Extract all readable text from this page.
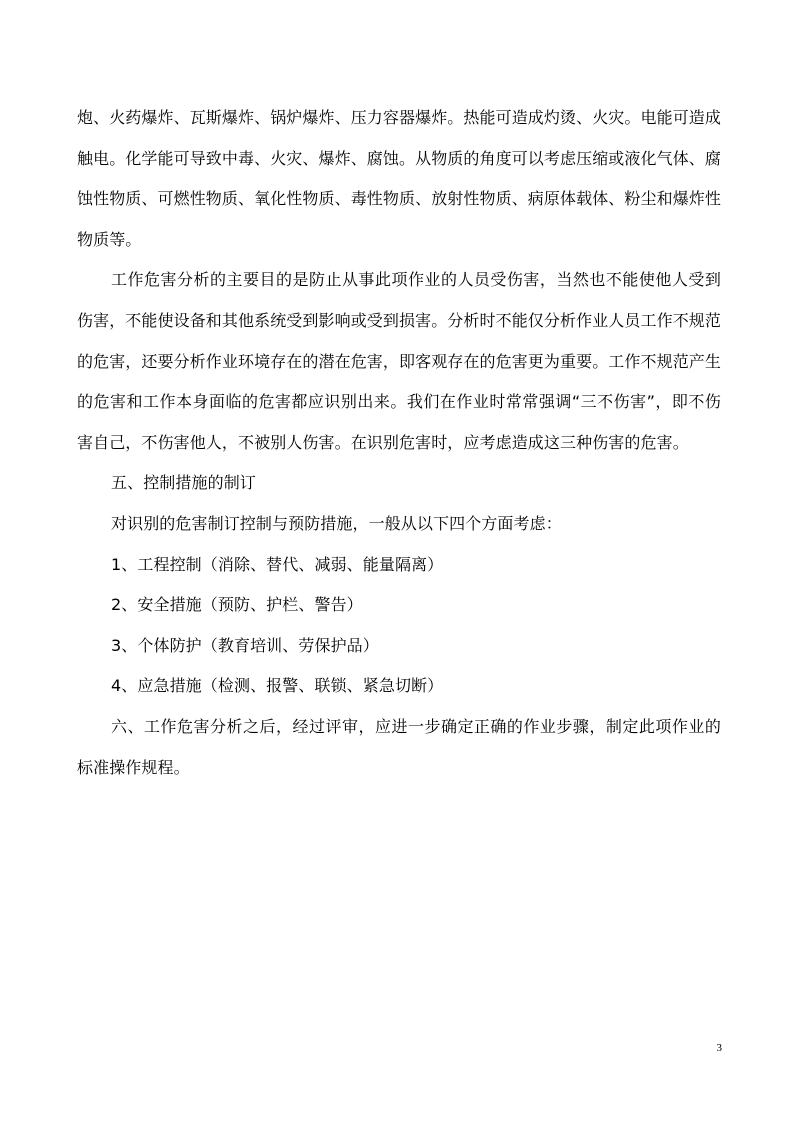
炮、火药爆炸、瓦斯爆炸、锅炉爆炸、压力容器爆炸。热能可造成灼烫、火灾。电能可造成触电。化学能可导致中毒、火灾、爆炸、腐蚀。从物质的角度可以考虑压缩或液化气体、腐蚀性物质、可燃性物质、氧化性物质、毒性物质、放射性物质、病原体载体、粉尘和爆炸性物质等。

工作危害分析的主要目的是防止从事此项作业的人员受伤害，当然也不能使他人受到伤害，不能使设备和其他系统受到影响或受到损害。分析时不能仅分析作业人员工作不规范的危害，还要分析作业环境存在的潜在危害，即客观存在的危害更为重要。工作不规范产生的危害和工作本身面临的危害都应识别出来。我们在作业时常常强调“三不伤害”，即不伤害自己，不伤害他人，不被别人伤害。在识别危害时，应考虑造成这三种伤害的危害。

五、控制措施的制订

对识别的危害制订控制与预防措施，一般从以下四个方面考虑：

1、工程控制（消除、替代、减弱、能量隔离）

2、安全措施（预防、护栏、警告）

3、个体防护（教育培训、劳保护品）

4、应急措施（检测、报警、联锁、紧急切断）

六、工作危害分析之后，经过评审，应进一步确定正确的作业步骤，制定此项作业的标准操作规程。

3
